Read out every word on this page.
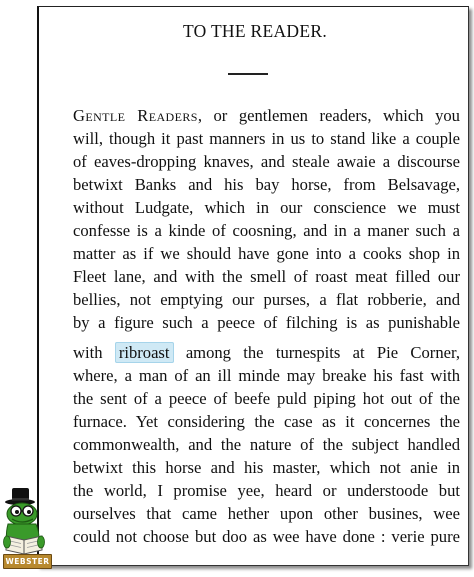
TO THE READER.
Gentle Readers, or gentlemen readers, which you
will, though it past manners in us to stand like a couple
of eaves-dropping knaves, and steale awaie a discourse
betwixt Banks and his bay horse, from Belsavage,
without Ludgate, which in our conscience we must
confesse is a kinde of coosning, and in a maner such a
matter as if we should have gone into a cooks shop in
Fleet lane, and with the smell of roast meat filled our
bellies, not emptying our purses, a flat robberie, and
by a figure such a peece of filching is as punishable
with ribroast among the turnespits at Pie Corner,
where, a man of an ill minde may breake his fast with
the sent of a peece of beefe puld piping hot out of the
furnace. Yet considering the case as it concernes the
commonwealth, and the nature of the subject handled
betwixt this horse and his master, which not anie in
the world, I promise yee, heard or understoode but
ourselves that came hether upon other busines, wee
could not choose but doo as wee have done : verie pure
WEBSTER
